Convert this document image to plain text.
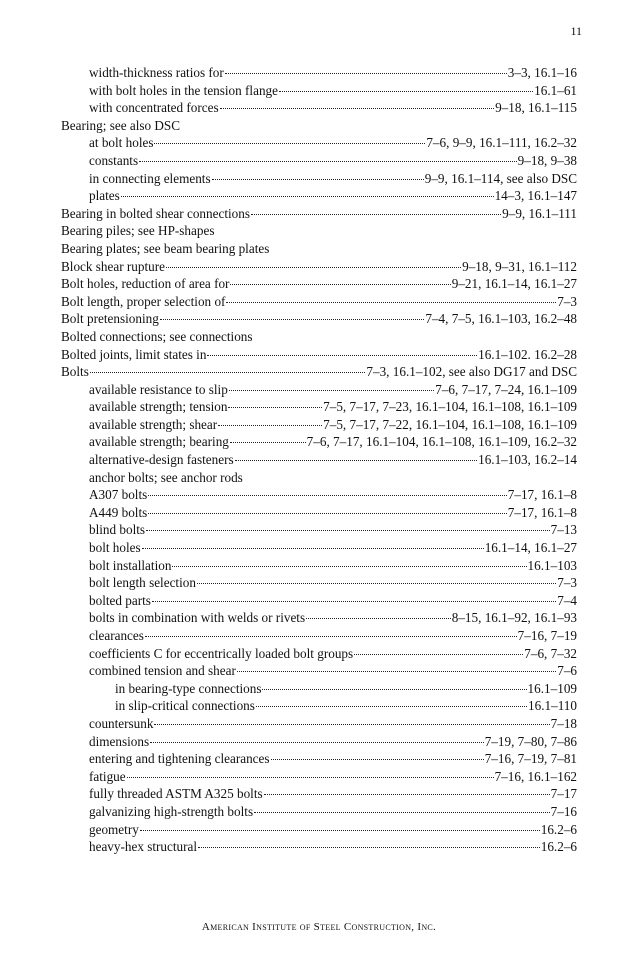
11
width-thickness ratios for	3–3, 16.1–16
with bolt holes in the tension flange	16.1–61
with concentrated forces	9–18, 16.1–115
Bearing; see also DSC
at bolt holes	7–6, 9–9, 16.1–111, 16.2–32
constants	9–18, 9–38
in connecting elements	9–9, 16.1–114, see also DSC
plates	14–3, 16.1–147
Bearing in bolted shear connections	9–9, 16.1–111
Bearing piles; see HP-shapes
Bearing plates; see beam bearing plates
Block shear rupture	9–18, 9–31, 16.1–112
Bolt holes, reduction of area for	9–21, 16.1–14, 16.1–27
Bolt length, proper selection of	7–3
Bolt pretensioning	7–4, 7–5, 16.1–103, 16.2–48
Bolted connections; see connections
Bolted joints, limit states in	16.1–102. 16.2–28
Bolts	7–3, 16.1–102, see also DG17 and DSC
available resistance to slip	7–6, 7–17, 7–24, 16.1–109
available strength; tension	7–5, 7–17, 7–23, 16.1–104, 16.1–108, 16.1–109
available strength; shear	7–5, 7–17, 7–22, 16.1–104, 16.1–108, 16.1–109
available strength; bearing	7–6, 7–17, 16.1–104, 16.1–108, 16.1–109, 16.2–32
alternative-design fasteners	16.1–103, 16.2–14
anchor bolts; see anchor rods
A307 bolts	7–17, 16.1–8
A449 bolts	7–17, 16.1–8
blind bolts	7–13
bolt holes	16.1–14, 16.1–27
bolt installation	16.1–103
bolt length selection	7–3
bolted parts	7–4
bolts in combination with welds or rivets	8–15, 16.1–92, 16.1–93
clearances	7–16, 7–19
coefficients C for eccentrically loaded bolt groups	7–6, 7–32
combined tension and shear	7–6
in bearing-type connections	16.1–109
in slip-critical connections	16.1–110
countersunk	7–18
dimensions	7–19, 7–80, 7–86
entering and tightening clearances	7–16, 7–19, 7–81
fatigue	7–16, 16.1–162
fully threaded ASTM A325 bolts	7–17
galvanizing high-strength bolts	7–16
geometry	16.2–6
heavy-hex structural	16.2–6
American Institute of Steel Construction, Inc.
